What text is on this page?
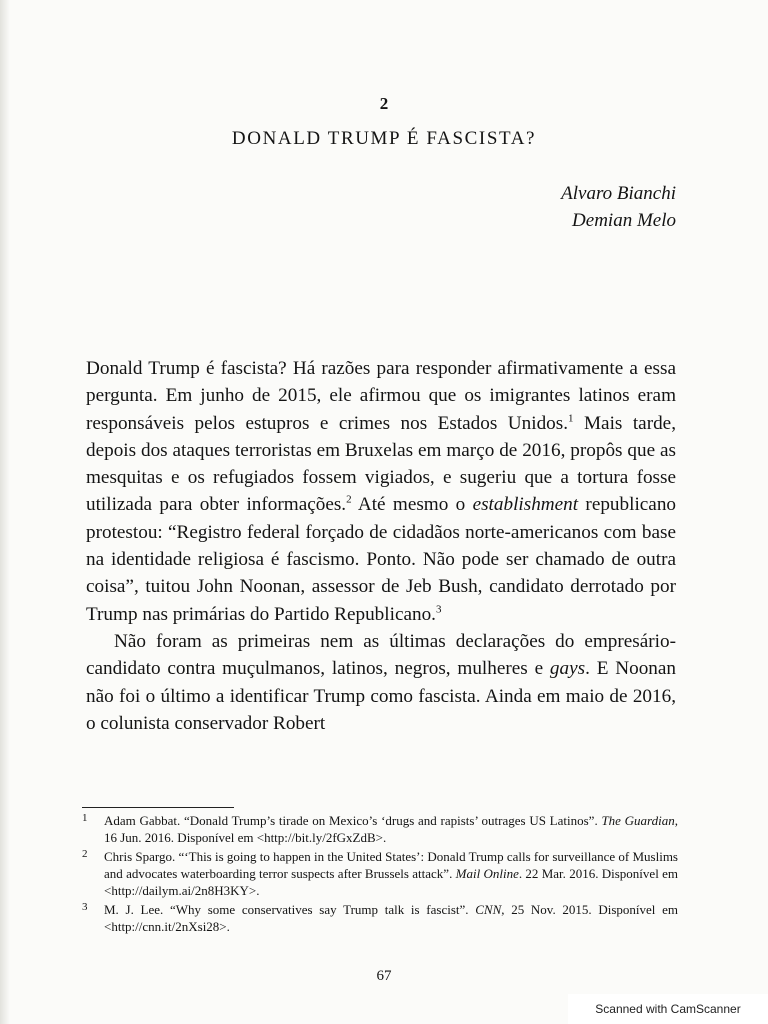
2
DONALD TRUMP É FASCISTA?
Alvaro Bianchi
Demian Melo

Donald Trump é fascista? Há razões para responder afirmativamente a essa pergunta. Em junho de 2015, ele afirmou que os imigrantes latinos eram responsáveis pelos estupros e crimes nos Estados Unidos.$^1$ Mais tarde, depois dos ataques terroristas em Bruxelas em março de 2016, propôs que as mesquitas e os refugiados fossem vigiados, e sugeriu que a tortura fosse utilizada para obter informações.$^2$ Até mesmo o establishment republicano protestou: “Registro federal forçado de cidadãos norte-americanos com base na identidade religiosa é fascismo. Ponto. Não pode ser chamado de outra coisa”, tuitou John Noonan, assessor de Jeb Bush, candidato derrotado por Trump nas primárias do Partido Republicano.$^3$

Não foram as primeiras nem as últimas declarações do empresário-candidato contra muçulmanos, latinos, negros, mulheres e gays. E Noonan não foi o último a identificar Trump como fascista. Ainda em maio de 2016, o colunista conservador Robert

1 Adam Gabbat. “Donald Trump’s tirade on Mexico’s ‘drugs and rapists’ outrages US Latinos”. The Guardian, 16 Jun. 2016. Disponível em <http://bit.ly/2fGxZdB>.
2 Chris Spargo. “‘This is going to happen in the United States’: Donald Trump calls for surveillance of Muslims and advocates waterboarding terror suspects after Brussels attack”. Mail Online. 22 Mar. 2016. Disponível em <http://dailym.ai/2n8H3KY>.
3 M. J. Lee. “Why some conservatives say Trump talk is fascist”. CNN, 25 Nov. 2015. Disponível em <http://cnn.it/2nXsi28>.
67
Scanned with CamScanner
